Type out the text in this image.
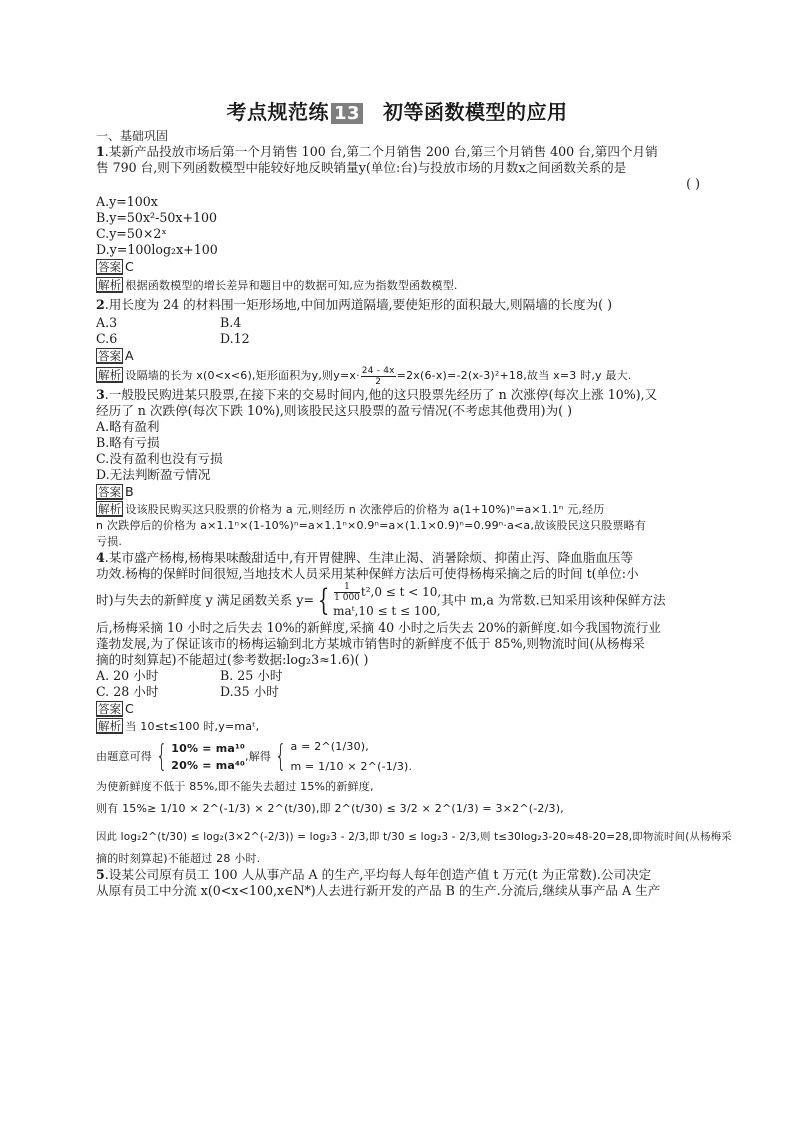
考点规范练 13 初等函数模型的应用
一、基础巩固
1.某新产品投放市场后第一个月销售 100 台,第二个月销售 200 台,第三个月销售 400 台,第四个月销
售 790 台,则下列函数模型中能较好地反映销量y(单位:台)与投放市场的月数x之间函数关系的是
( )
A.y=100x
B.y=50x²-50x+100
C.y=50×2ˣ
D.y=100log₂x+100
答案 C
解析 根据函数模型的增长差异和题目中的数据可知,应为指数型函数模型.
2.用长度为 24 的材料围一矩形场地,中间加两道隔墙,要使矩形的面积最大,则隔墙的长度为( )
A.3	B.4
C.6	D.12
答案 A
解析 设隔墙的长为 x(0<x<6),矩形面积为y,则$y=x\cdot \frac{24 - 4x}{2} =2x(6-x)=-2(x-3)^2+18$,故当 x=3 时,y 最大.
3.一般股民购进某只股票,在接下来的交易时间内,他的这只股票先经历了 n 次涨停(每次上涨 10%),又
经历了 n 次跌停(每次下跌 10%),则该股民这只股票的盈亏情况(不考虑其他费用)为( )
A.略有盈利
B.略有亏损
C.没有盈利也没有亏损
D.无法判断盈亏情况
答案 B
解析 设该股民购买这只股票的价格为 a 元,则经历 n 次涨停后的价格为 a(1+10%)ⁿ=a×1.1ⁿ 元,经历
n 次跌停后的价格为 a×1.1ⁿ×(1-10%)ⁿ=a×1.1ⁿ×0.9ⁿ=a×(1.1×0.9)ⁿ=0.99ⁿ·a<a,故该股民这只股票略有
亏损.
4.某市盛产杨梅,杨梅果味酸甜适中,有开胃健脾、生津止渴、消暑除烦、抑菌止泻、降血脂血压等
功效.杨梅的保鲜时间很短,当地技术人员采用某种保鲜方法后可使得杨梅采摘之后的时间 t(单位:小
时)与失去的新鲜度 y 满足函数关系 y= { $\frac{1}{1 000} t^2,0 \le t < 10$,
maᵗ,10 ≤ t ≤ 100,
其中 m,a 为常数.已知采用该种保鲜方法
后,杨梅采摘 10 小时之后失去 10%的新鲜度,采摘 40 小时之后失去 20%的新鲜度.如今我国物流行业
蓬勃发展,为了保证该市的杨梅运输到北方某城市销售时的新鲜度不低于 85%,则物流时间(从杨梅采
摘的时刻算起)不能超过(参考数据:log₂3≈1.6)( )
A. 20 小时	B. 25 小时
C. 28 小时	D.35 小时
答案 C
解析 当 10≤t≤100 时,y=maᵗ,
由题意可得 { 10% = ma¹⁰
20% = ma⁴⁰
,解得 { a = 2^(1/30),
m = 1/10 × 2^(-1/3).
为使新鲜度不低于 85%,即不能失去超过 15%的新鲜度,
则有 15%≥ 1/10 × 2^(-1/3) × 2^(t/30),即 2^(t/30) ≤ 3/2 × 2^(1/3) = 3×2^(-2/3),
因此 log₂2^(t/30) ≤ log₂(3×2^(-2/3)) = log₂3 - 2/3,即 t/30 ≤ log₂3 - 2/3,则 t≤30log₂3-20≈48-20=28,即物流时间(从杨梅采
摘的时刻算起)不能超过 28 小时.
5.设某公司原有员工 100 人从事产品 A 的生产,平均每人每年创造产值 t 万元(t 为正常数).公司决定
从原有员工中分流 x(0<x<100,x∈N*)人去进行新开发的产品 B 的生产.分流后,继续从事产品 A 生产
